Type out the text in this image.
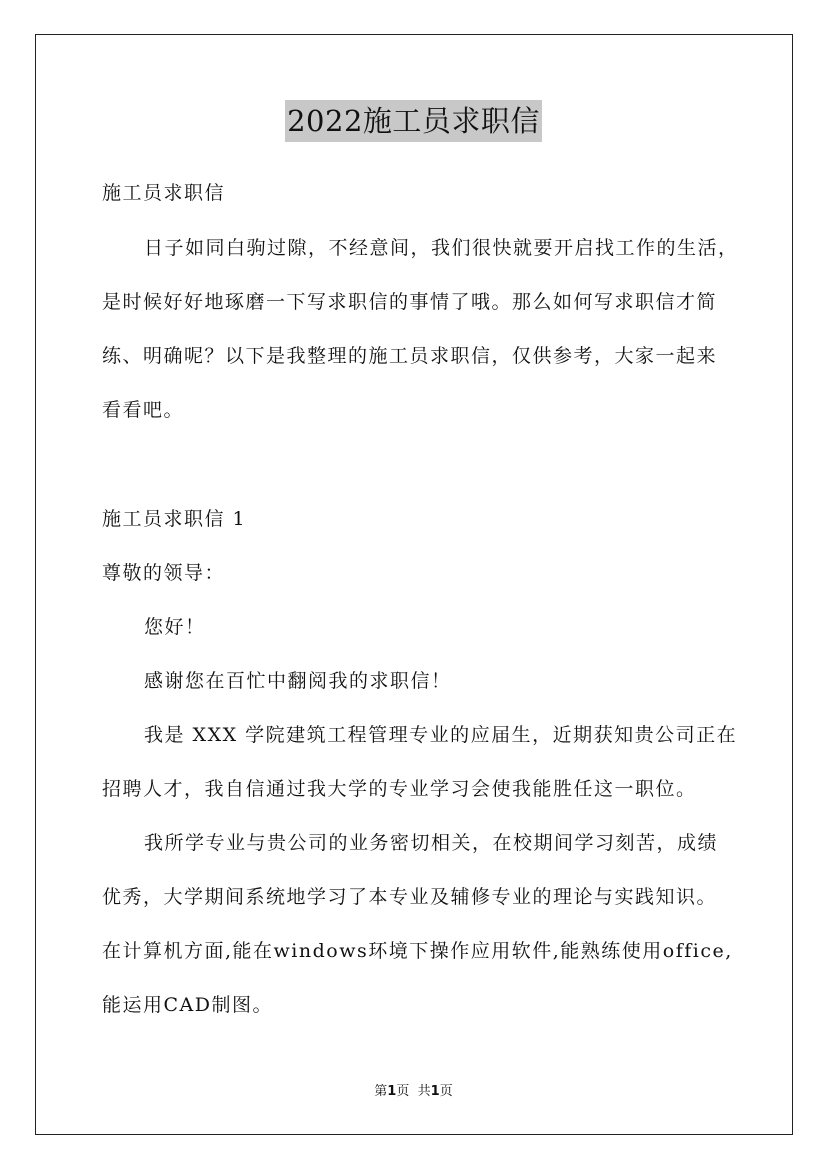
2022施工员求职信
施工员求职信
日子如同白驹过隙，不经意间，我们很快就要开启找工作的生活，
是时候好好地琢磨一下写求职信的事情了哦。那么如何写求职信才简
练、明确呢？以下是我整理的施工员求职信，仅供参考，大家一起来
看看吧。
施工员求职信 1
尊敬的领导：
您好！
感谢您在百忙中翻阅我的求职信！
我是 XXX 学院建筑工程管理专业的应届生，近期获知贵公司正在
招聘人才，我自信通过我大学的专业学习会使我能胜任这一职位。
我所学专业与贵公司的业务密切相关，在校期间学习刻苦，成绩
优秀，大学期间系统地学习了本专业及辅修专业的理论与实践知识。
在计算机方面,能在windows环境下操作应用软件,能熟练使用office,
能运用CAD制图。
第1页 共1页
